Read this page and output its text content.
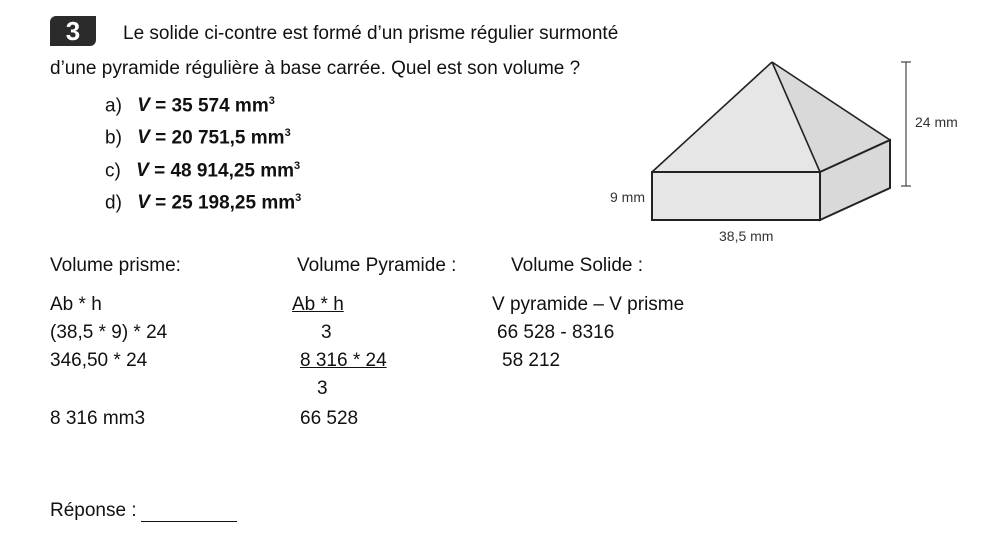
3	Le solide ci-contre est formé d’un prisme régulier surmonté
d’une pyramide régulière à base carrée. Quel est son volume ?
a) V = 35 574 $mm^3$
b) V = 20 751,5 $mm^3$
c) V = 48 914,25 $mm^3$
d) V = 25 198,25 $mm^3$
24 mm
9 mm
38,5 mm
Volume prisme:
Ab * h
(38,5 * 9) * 24
346,50 * 24
8 316 mm3
Volume Pyramide :
Ab * h
3
8 316 * 24
3
66 528
Volume Solide :
V pyramide – V prisme
66 528 - 8316
58 212
Réponse :
